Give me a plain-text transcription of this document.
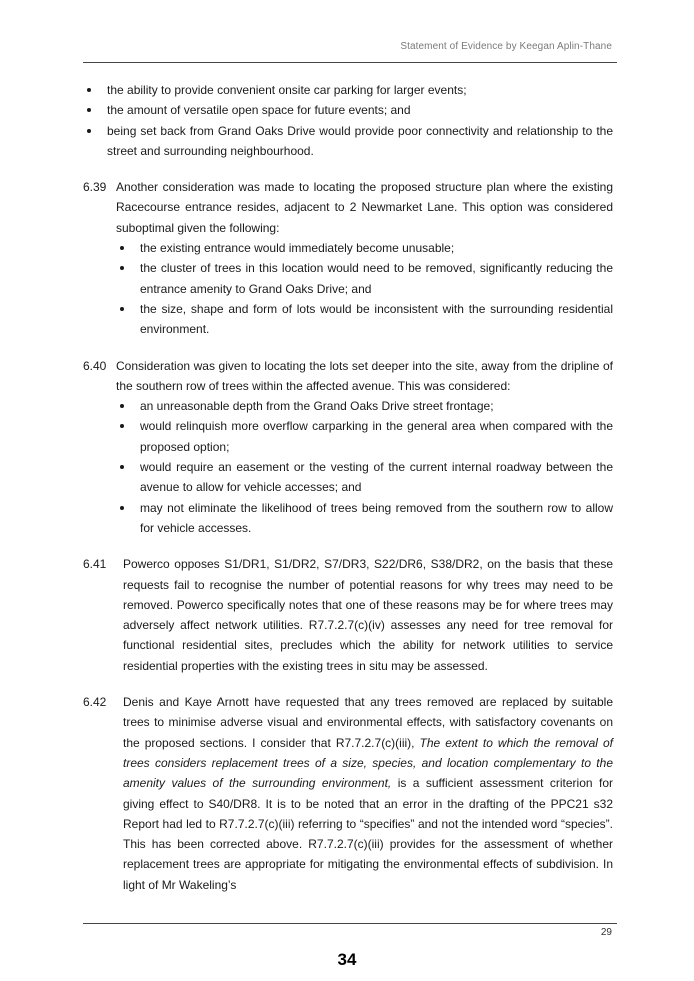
Statement of Evidence by Keegan Aplin-Thane
the ability to provide convenient onsite car parking for larger events;
the amount of versatile open space for future events; and
being set back from Grand Oaks Drive would provide poor connectivity and relationship to the street and surrounding neighbourhood.
6.39 Another consideration was made to locating the proposed structure plan where the existing Racecourse entrance resides, adjacent to 2 Newmarket Lane. This option was considered suboptimal given the following:

the existing entrance would immediately become unusable;
the cluster of trees in this location would need to be removed, significantly reducing the entrance amenity to Grand Oaks Drive; and
the size, shape and form of lots would be inconsistent with the surrounding residential environment.
6.40 Consideration was given to locating the lots set deeper into the site, away from the dripline of the southern row of trees within the affected avenue. This was considered:

an unreasonable depth from the Grand Oaks Drive street frontage;
would relinquish more overflow carparking in the general area when compared with the proposed option;
would require an easement or the vesting of the current internal roadway between the avenue to allow for vehicle accesses; and
may not eliminate the likelihood of trees being removed from the southern row to allow for vehicle accesses.
6.41	Powerco opposes S1/DR1, S1/DR2, S7/DR3, S22/DR6, S38/DR2, on the basis that these requests fail to recognise the number of potential reasons for why trees may need to be removed. Powerco specifically notes that one of these reasons may be for where trees may adversely affect network utilities. R7.7.2.7(c)(iv) assesses any need for tree removal for functional residential sites, precludes which the ability for network utilities to service residential properties with the existing trees in situ may be assessed.

6.42	Denis and Kaye Arnott have requested that any trees removed are replaced by suitable trees to minimise adverse visual and environmental effects, with satisfactory covenants on the proposed sections. I consider that R7.7.2.7(c)(iii), The extent to which the removal of trees considers replacement trees of a size, species, and location complementary to the amenity values of the surrounding environment, is a sufficient assessment criterion for giving effect to S40/DR8. It is to be noted that an error in the drafting of the PPC21 s32 Report had led to R7.7.2.7(c)(iii) referring to “specifies” and not the intended word “species”. This has been corrected above. R7.7.2.7(c)(iii) provides for the assessment of whether replacement trees are appropriate for mitigating the environmental effects of subdivision. In light of Mr Wakeling’s

29
34
